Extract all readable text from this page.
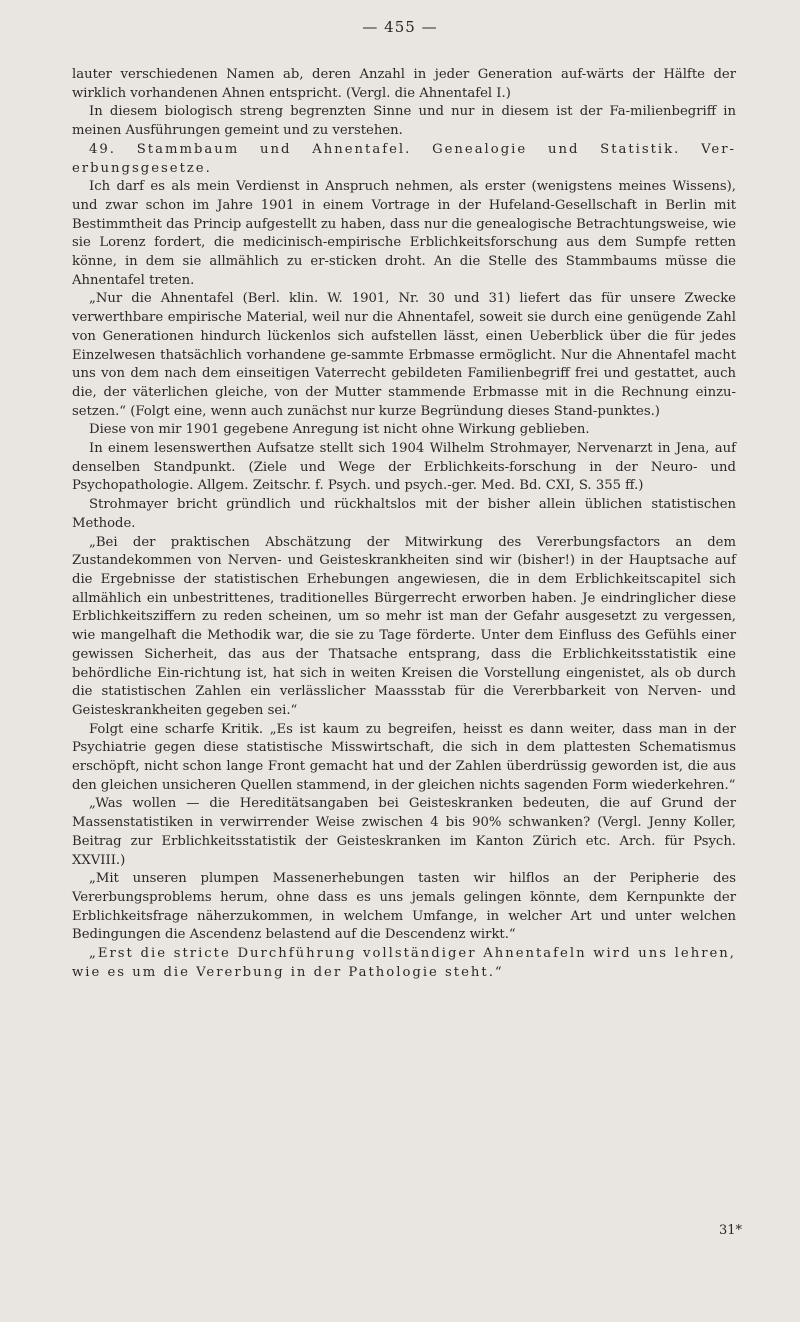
— 455 —

lauter verschiedenen Namen ab, deren Anzahl in jeder Generation auf-wärts der Hälfte der wirklich vorhandenen Ahnen entspricht. (Vergl. die Ahnentafel I.)

In diesem biologisch streng begrenzten Sinne und nur in diesem ist der Fa-milienbegriff in meinen Ausführungen gemeint und zu verstehen.

49. Stammbaum und Ahnentafel. Genealogie und Statistik. Ver-erbungsgesetze.

Ich darf es als mein Verdienst in Anspruch nehmen, als erster (wenigstens meines Wissens), und zwar schon im Jahre 1901 in einem Vortrage in der Hufeland-Gesellschaft in Berlin mit Bestimmtheit das Princip aufgestellt zu haben, dass nur die genealogische Betrachtungsweise, wie sie Lorenz fordert, die medicinisch-empirische Erblichkeitsforschung aus dem Sumpfe retten könne, in dem sie allmählich zu er-sticken droht. An die Stelle des Stammbaums müsse die Ahnentafel treten.

„Nur die Ahnentafel (Berl. klin. W. 1901, Nr. 30 und 31) liefert das für unsere Zwecke verwerthbare empirische Material, weil nur die Ahnentafel, soweit sie durch eine genügende Zahl von Generationen hindurch lückenlos sich aufstellen lässt, einen Ueberblick über die für jedes Einzelwesen thatsächlich vorhandene ge-sammte Erbmasse ermöglicht. Nur die Ahnentafel macht uns von dem nach dem einseitigen Vaterrecht gebildeten Familienbegriff frei und gestattet, auch die, der väterlichen gleiche, von der Mutter stammende Erbmasse mit in die Rechnung einzu-setzen.“ (Folgt eine, wenn auch zunächst nur kurze Begründung dieses Stand-punktes.)

Diese von mir 1901 gegebene Anregung ist nicht ohne Wirkung geblieben.

In einem lesenswerthen Aufsatze stellt sich 1904 Wilhelm Strohmayer, Nervenarzt in Jena, auf denselben Standpunkt. (Ziele und Wege der Erblichkeits-forschung in der Neuro- und Psychopathologie. Allgem. Zeitschr. f. Psych. und psych.-ger. Med. Bd. CXI, S. 355 ff.)

Strohmayer bricht gründlich und rückhaltslos mit der bisher allein üblichen statistischen Methode.

„Bei der praktischen Abschätzung der Mitwirkung des Vererbungsfactors an dem Zustandekommen von Nerven- und Geisteskrankheiten sind wir (bisher!) in der Hauptsache auf die Ergebnisse der statistischen Erhebungen angewiesen, die in dem Erblichkeitscapitel sich allmählich ein unbestrittenes, traditionelles Bürgerrecht erworben haben. Je eindringlicher diese Erblichkeitsziffern zu reden scheinen, um so mehr ist man der Gefahr ausgesetzt zu vergessen, wie mangelhaft die Methodik war, die sie zu Tage förderte. Unter dem Einfluss des Gefühls einer gewissen Sicherheit, das aus der Thatsache entsprang, dass die Erblichkeitsstatistik eine behördliche Ein-richtung ist, hat sich in weiten Kreisen die Vorstellung eingenistet, als ob durch die statistischen Zahlen ein verlässlicher Maassstab für die Vererbbarkeit von Nerven- und Geisteskrankheiten gegeben sei.“

Folgt eine scharfe Kritik. „Es ist kaum zu begreifen, heisst es dann weiter, dass man in der Psychiatrie gegen diese statistische Misswirtschaft, die sich in dem plattesten Schematismus erschöpft, nicht schon lange Front gemacht hat und der Zahlen überdrüssig geworden ist, die aus den gleichen unsicheren Quellen stammend, in der gleichen nichts sagenden Form wiederkehren.“

„Was wollen — die Hereditätsangaben bei Geisteskranken bedeuten, die auf Grund der Massenstatistiken in verwirrender Weise zwischen 4 bis 90% schwanken? (Vergl. Jenny Koller, Beitrag zur Erblichkeitsstatistik der Geisteskranken im Kanton Zürich etc. Arch. für Psych. XXVIII.)

„Mit unseren plumpen Massenerhebungen tasten wir hilflos an der Peripherie des Vererbungsproblems herum, ohne dass es uns jemals gelingen könnte, dem Kernpunkte der Erblichkeitsfrage näherzukommen, in welchem Umfange, in welcher Art und unter welchen Bedingungen die Ascendenz belastend auf die Descendenz wirkt.“

„Erst die stricte Durchführung vollständiger Ahnentafeln wird uns lehren, wie es um die Vererbung in der Pathologie steht.“

31*
